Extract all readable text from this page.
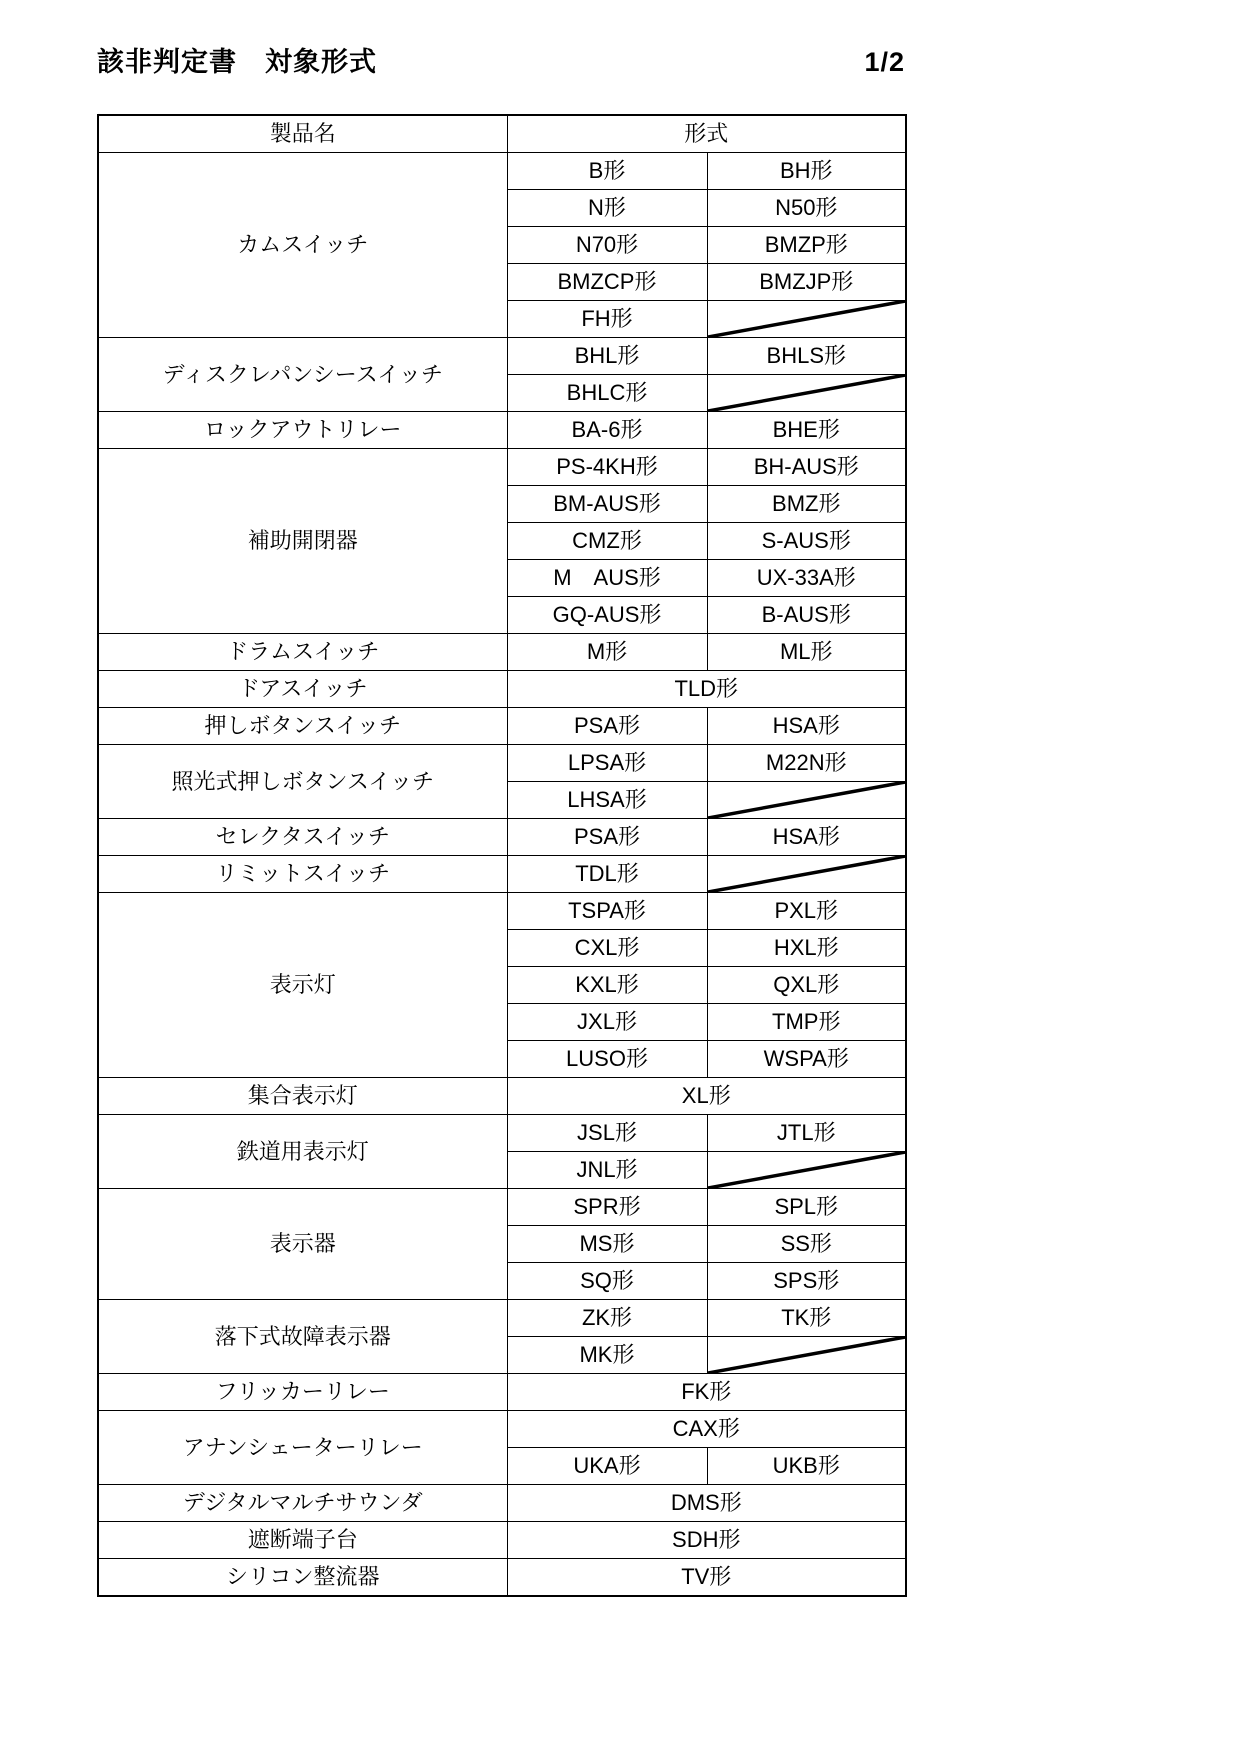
該非判定書　対象形式	1/2
製品名	形式	
カムスイッチ	B形	BH形
	N形	N50形
	N70形	BMZP形
	BMZCP形	BMZJP形
	FH形	

ディスクレパンシースイッチ	BHL形	BHLS形
	BHLC形	

ロックアウトリレー	BA-6形	BHE形
補助開閉器	PS-4KH形	BH-AUS形
	BM-AUS形	BMZ形
	CMZ形	S-AUS形
	M　AUS形	UX-33A形
	GQ-AUS形	B-AUS形
ドラムスイッチ	M形	ML形
ドアスイッチ	TLD形	
押しボタンスイッチ	PSA形	HSA形
照光式押しボタンスイッチ	LPSA形	M22N形
	LHSA形	

セレクタスイッチ	PSA形	HSA形
リミットスイッチ	TDL形	

表示灯	TSPA形	PXL形
	CXL形	HXL形
	KXL形	QXL形
	JXL形	TMP形
	LUSO形	WSPA形
集合表示灯	XL形	
鉄道用表示灯	JSL形	JTL形
	JNL形	

表示器	SPR形	SPL形
	MS形	SS形
	SQ形	SPS形
落下式故障表示器	ZK形	TK形
	MK形	

フリッカーリレー	FK形	
アナンシェーターリレー	CAX形	
	UKA形	UKB形
デジタルマルチサウンダ	DMS形	
遮断端子台	SDH形	
シリコン整流器	TV形	
